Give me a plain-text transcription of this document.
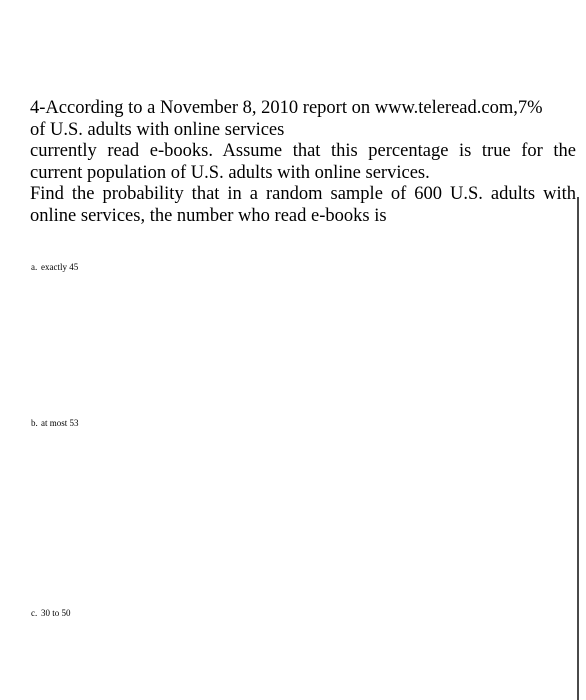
4-According to a November 8, 2010 report on www.teleread.com,7%
of U.S. adults with online services
currently read e-books. Assume that this percentage is true for the
current population of U.S. adults with online services.
Find the probability that in a random sample of 600 U.S. adults with
online services, the number who read e-books is
a. exactly 45
b. at most 53
c. 30 to 50
